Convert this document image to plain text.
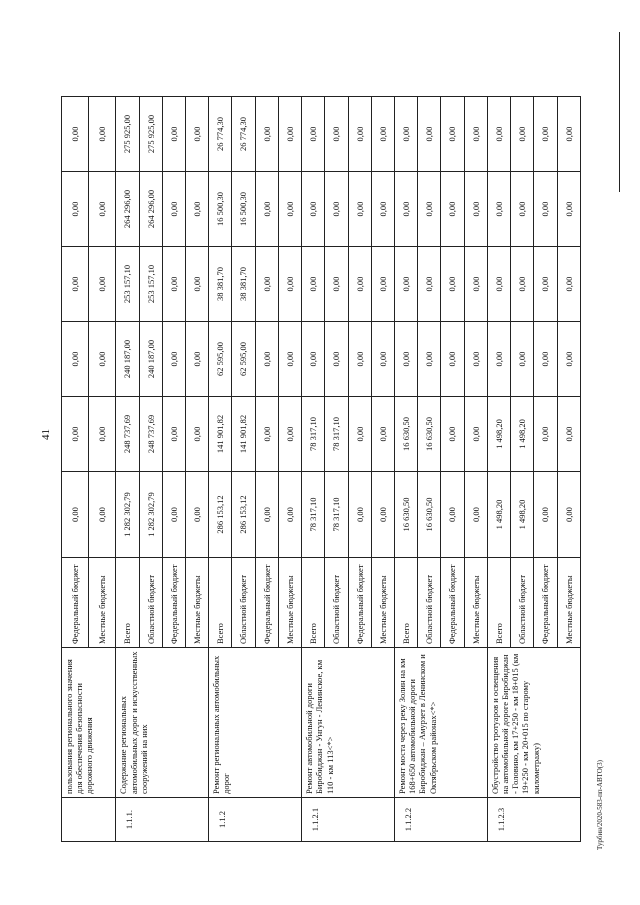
41
Турбин/2020-583-пп-АВТО(3)
	пользования регионального значения для обеспечения безопасности дорожного движения	Федеральный бюджет	0,00	0,00	0,00	0,00	0,00	0,00
		Местные бюджеты	0,00	0,00	0,00	0,00	0,00	0,00
1.1.1.	Содержание региональных автомобильных дорог и искусственных сооружений на них	Всего	1 282 302,79	248 737,69	240 187,00	253 157,10	264 296,00	275 925,00
		Областной бюджет	1 282 302,79	248 737,69	240 187,00	253 157,10	264 296,00	275 925,00
		Федеральный бюджет	0,00	0,00	0,00	0,00	0,00	0,00
		Местные бюджеты	0,00	0,00	0,00	0,00	0,00	0,00
1.1.2	Ремонт региональных автомобильных дорог	Всего	286 153,12	141 901,82	62 595,00	38 381,70	16 500,30	26 774,30
		Областной бюджет	286 153,12	141 901,82	62 595,00	38 381,70	16 500,30	26 774,30
		Федеральный бюджет	0,00	0,00	0,00	0,00	0,00	0,00
		Местные бюджеты	0,00	0,00	0,00	0,00	0,00	0,00
1.1.2.1	Ремонт автомобильной дороги Биробиджан - Унгун - Ленинское, км 110 - км 113<*>	Всего	78 317,10	78 317,10	0,00	0,00	0,00	0,00
		Областной бюджет	78 317,10	78 317,10	0,00	0,00	0,00	0,00
		Федеральный бюджет	0,00	0,00	0,00	0,00	0,00	0,00
		Местные бюджеты	0,00	0,00	0,00	0,00	0,00	0,00
1.1.2.2	Ремонт моста через реку Золин на км 168+650 автомобильной дороги Биробиджан – Амурзет в Ленинском и Октябрьском районах<*>	Всего	16 630,50	16 630,50	0,00	0,00	0,00	0,00
		Областной бюджет	16 630,50	16 630,50	0,00	0,00	0,00	0,00
		Федеральный бюджет	0,00	0,00	0,00	0,00	0,00	0,00
		Местные бюджеты	0,00	0,00	0,00	0,00	0,00	0,00
1.1.2.3	Обустройство тротуаров и освещения на автомобильной дороге Биробиджан - Головино, км 17+250 - км 18+015 (км 19+250 - км 20+015 по старому километражу)	Всего	1 498,20	1 498,20	0,00	0,00	0,00	0,00
		Областной бюджет	1 498,20	1 498,20	0,00	0,00	0,00	0,00
		Федеральный бюджет	0,00	0,00	0,00	0,00	0,00	0,00
		Местные бюджеты	0,00	0,00	0,00	0,00	0,00	0,00
